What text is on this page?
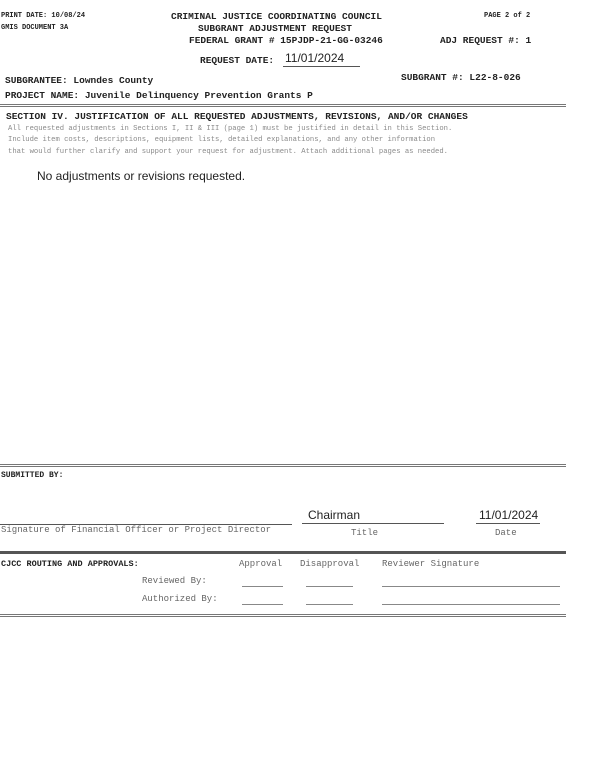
PRINT DATE: 10/08/24
GMIS DOCUMENT 3A
CRIMINAL JUSTICE COORDINATING COUNCIL
SUBGRANT ADJUSTMENT REQUEST
FEDERAL GRANT # 15PJDP-21-GG-03246
PAGE 2 of 2
ADJ REQUEST #: 1
REQUEST DATE: 11/01/2024
SUBGRANTEE: Lowndes County	SUBGRANT #: L22-8-026
PROJECT NAME: Juvenile Delinquency Prevention Grants P
SECTION IV. JUSTIFICATION OF ALL REQUESTED ADJUSTMENTS, REVISIONS, AND/OR CHANGES
All requested adjustments in Sections I, II & III (page 1) must be justified in detail in this Section.
Include item costs, descriptions, equipment lists, detailed explanations, and any other information
that would further clarify and support your request for adjustment. Attach additional pages as needed.
No adjustments or revisions requested.
SUBMITTED BY:
Signature of Financial Officer or Project Director
Chairman
Title
11/01/2024
Date
CJCC ROUTING AND APPROVALS:	Approval Disapproval	Reviewer Signature
Reviewed By:
Authorized By:
